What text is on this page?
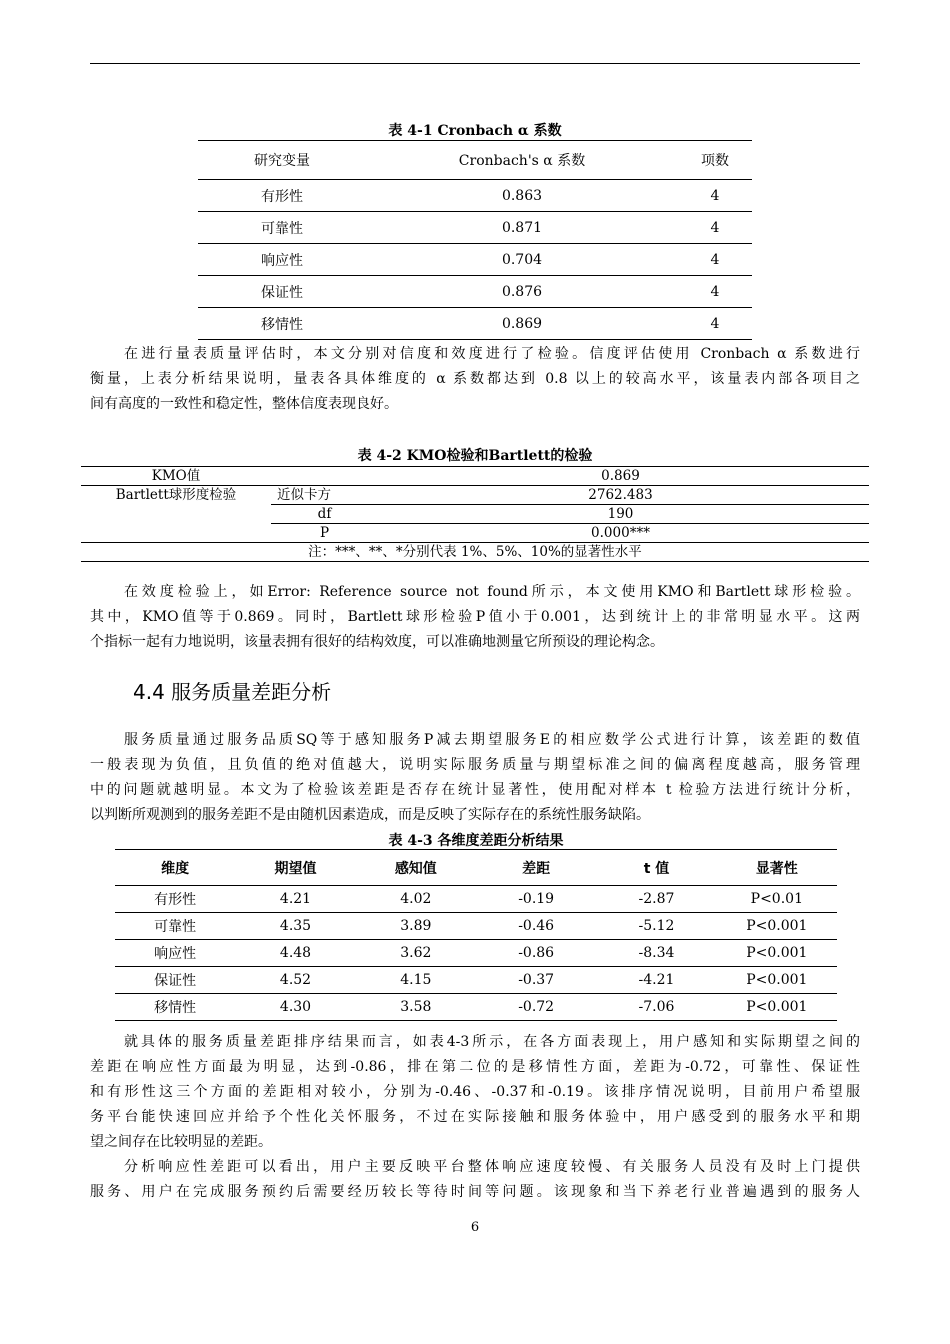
表 4-1 Cronbach α 系数
研究变量	Cronbach's α 系数	项数
有形性	0.863	4
可靠性	0.871	4
响应性	0.704	4
保证性	0.876	4
移情性	0.869	4
在进行量表质量评估时，本文分别对信度和效度进行了检验。信度评估使用 Cronbach α 系数进行
衡量，上表分析结果说明，量表各具体维度的 α 系数都达到 0.8 以上的较高水平，该量表内部各项目之
间有高度的一致性和稳定性，整体信度表现良好。
表 4-2 KMO检验和Bartlett的检验
KMO值		0.869
Bartlett球形度检验	近似卡方	2762.483
	df	190
	P	0.000***
注：***、**、*分别代表 1%、5%、10%的显著性水平		
在效度检验上，如Error: Reference source not found所示，本文使用KMO和Bartlett球形检验。
其中，KMO值等于0.869。同时，Bartlett球形检验P值小于0.001，达到统计上的非常明显水平。这两
个指标一起有力地说明，该量表拥有很好的结构效度，可以准确地测量它所预设的理论构念。
4.4 服务质量差距分析
服务质量通过服务品质SQ等于感知服务P减去期望服务E的相应数学公式进行计算，该差距的数值
一般表现为负值，且负值的绝对值越大，说明实际服务质量与期望标准之间的偏离程度越高，服务管理
中的问题就越明显。本文为了检验该差距是否存在统计显著性，使用配对样本 t 检验方法进行统计分析，
以判断所观测到的服务差距不是由随机因素造成，而是反映了实际存在的系统性服务缺陷。
表 4-3 各维度差距分析结果
维度	期望值	感知值	差距	t 值	显著性
有形性	4.21	4.02	-0.19	-2.87	P<0.01
可靠性	4.35	3.89	-0.46	-5.12	P<0.001
响应性	4.48	3.62	-0.86	-8.34	P<0.001
保证性	4.52	4.15	-0.37	-4.21	P<0.001
移情性	4.30	3.58	-0.72	-7.06	P<0.001
就具体的服务质量差距排序结果而言，如表4-3所示，在各方面表现上，用户感知和实际期望之间的
差距在响应性方面最为明显，达到-0.86，排在第二位的是移情性方面，差距为-0.72，可靠性、保证性
和有形性这三个方面的差距相对较小，分别为-0.46、-0.37和-0.19。该排序情况说明，目前用户希望服
务平台能快速回应并给予个性化关怀服务，不过在实际接触和服务体验中，用户感受到的服务水平和期
望之间存在比较明显的差距。
分析响应性差距可以看出，用户主要反映平台整体响应速度较慢、有关服务人员没有及时上门提供
服务、用户在完成服务预约后需要经历较长等待时间等问题。该现象和当下养老行业普遍遇到的服务人
6
